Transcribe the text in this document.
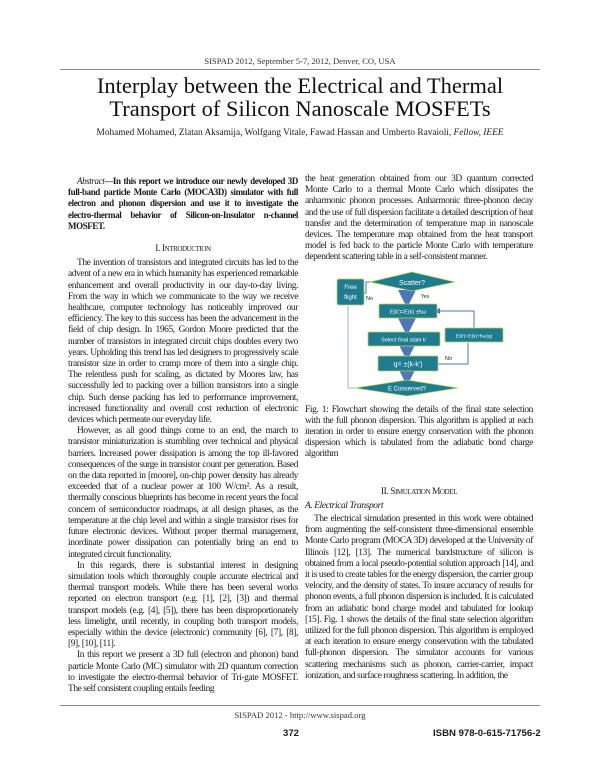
SISPAD 2012, September 5-7, 2012, Denver, CO, USA
Interplay between the Electrical and Thermal
Transport of Silicon Nanoscale MOSFETs
Mohamed Mohamed, Zlatan Aksamija, Wolfgang Vitale, Fawad Hassan and Umberto Ravaioli, Fellow, IEEE

Abstract—In this report we introduce our newly developed 3D full-band particle Monte Carlo (MOCA3D) simulator with full electron and phonon dispersion and use it to investigate the electro-thermal behavior of Silicon-on-Insulator n-channel MOSFET.

I. Introduction

The invention of transistors and integrated circuits has led to the advent of a new era in which humanity has experienced remarkable enhancement and overall productivity in our day-to-day living. From the way in which we communicate to the way we receive healthcare, computer technology has noticeably improved our efficiency. The key to this success has been the advancement in the field of chip design. In 1965, Gordon Moore predicted that the number of transistors in integrated circuit chips doubles every two years. Upholding this trend has led designers to progressively scale transistor size in order to cramp more of them into a single chip. The relentless push for scaling, as dictated by Moores law, has successfully led to packing over a billion transistors into a single chip. Such dense packing has led to performance improvement, increased functionality and overall cost reduction of electronic devices which permeate our everyday life.

However, as all good things come to an end, the march to transistor miniaturization is stumbling over technical and physical barriers. Increased power dissipation is among the top ill-favored consequences of the surge in transistor count per generation. Based on the data reported in [moore], on-chip power density has already exceeded that of a nuclear power at 100 W/cm². As a result, thermally conscious blueprints has become in recent years the focal concern of semiconductor roadmaps, at all design phases, as the temperature at the chip level and within a single transistor rises for future electronic devices. Without proper thermal management, inordinate power dissipation can potentially bring an end to integrated circuit functionality.

In this regards, there is substantial interest in designing simulation tools which thoroughly couple accurate electrical and thermal transport models. While there has been several works reported on electron transport (e.g. [1], [2], [3]) and thermal transport models (e.g. [4], [5]), there has been disproportionately less limelight, until recently, in coupling both transport models, especially within the device (electronic) community [6], [7], [8], [9], [10], [11].

In this report we present a 3D full (electron and phonon) band particle Monte Carlo (MC) simulator with 2D quantum correction to investigate the electro-thermal behavior of Tri-gate MOSFET. The self consistent coupling entails feeding

the heat generation obtained from our 3D quantum corrected Monte Carlo to a thermal Monte Carlo which dissipates the anharmonic phonon processes. Anharmonic three-phonon decay and the use of full dispersion facilitate a detailed description of heat transfer and the determination of temperature map in nanoscale devices. The temperature map obtained from the heat transport model is fed back to the particle Monte Carlo with temperature dependent scattering table in a self-consistent manner.

Free
flight
Scatter?
No	Yes
E(k')=E(k) ±ħω
Select final state k'
E(k')=E(k)+ħω(q)
q= ±(k-k')
No
E Conserved?

Fig. 1: Flowchart showing the details of the final state selection with the full phonon dispersion. This algorithm is applied at each iteration in order to ensure energy conservation with the phonon dispersion which is tabulated from the adiabatic bond charge algorithm

II. Simulation Model

A. Electrical Transport

The electrical simulation presented in this work were obtained from augmenting the self-consistent three-dimensional ensemble Monte Carlo program (MOCA 3D) developed at the University of Illinois [12], [13]. The numerical bandstructure of silicon is obtained from a local pseudo-potential solution approach [14], and it is used to create tables for the energy dispersion, the carrier group velocity, and the density of states. To insure accuracy of results for phonon events, a full phonon dispersion is included. It is calculated from an adiabatic bond charge model and tabulated for lookup [15]. Fig. 1 shows the details of the final state selection algorithm utilized for the full phonon dispersion. This algorithm is employed at each iteration to ensure energy conservation with the tabulated full-phonon dispersion. The simulator accounts for various scattering mechanisms such as phonon, carrier-carrier, impact ionization, and surface roughness scattering. In addition, the

SISPAD 2012 - http://www.sispad.org
372	ISBN 978-0-615-71756-2
